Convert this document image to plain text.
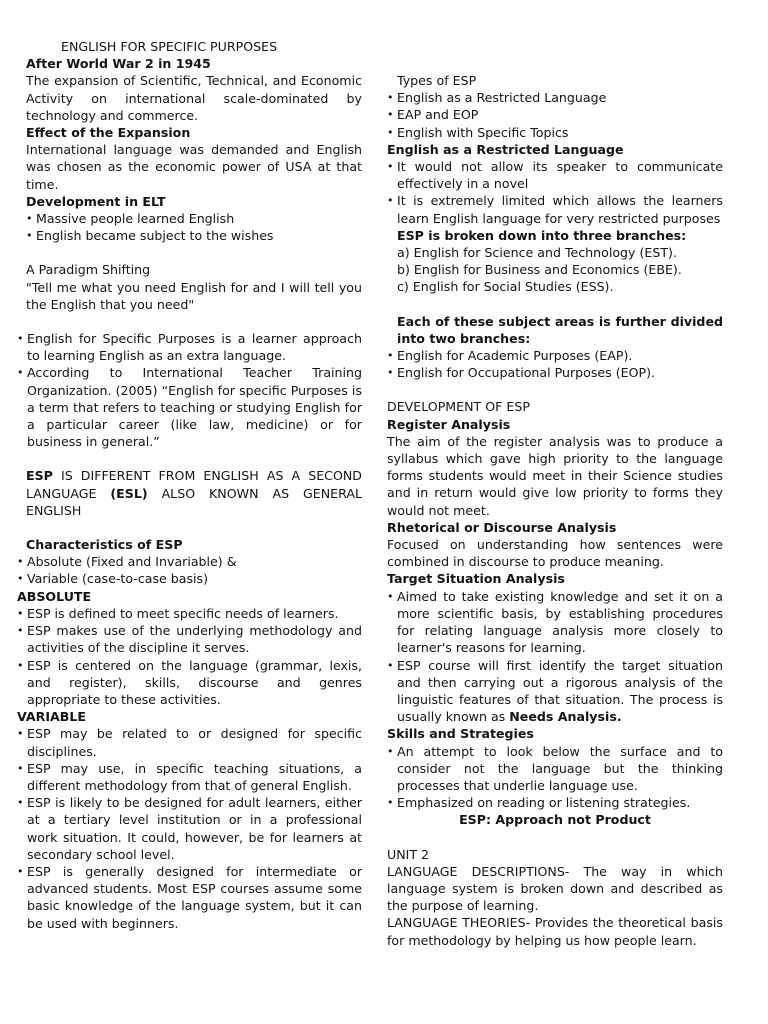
ENGLISH FOR SPECIFIC PURPOSES

After World War 2 in 1945

The expansion of Scientific, Technical, and Economic Activity on international scale-dominated by technology and commerce.

Effect of the Expansion

International language was demanded and English was chosen as the economic power of USA at that time.

Development in ELT

• Massive people learned English
• English became subject to the wishes

A Paradigm Shifting

"Tell me what you need English for and I will tell you the English that you need"

• English for Specific Purposes is a learner approach to learning English as an extra language.
• According to International Teacher Training Organization. (2005) “English for specific Purposes is a term that refers to teaching or studying English for a particular career (like law, medicine) or for business in general.”

ESP IS DIFFERENT FROM ENGLISH AS A SECOND LANGUAGE (ESL) ALSO KNOWN AS GENERAL ENGLISH

Characteristics of ESP

• Absolute (Fixed and Invariable) &
• Variable (case-to-case basis)

ABSOLUTE

• ESP is defined to meet specific needs of learners.
• ESP makes use of the underlying methodology and activities of the discipline it serves.
• ESP is centered on the language (grammar, lexis, and register), skills, discourse and genres appropriate to these activities.

VARIABLE

• ESP may be related to or designed for specific disciplines.
• ESP may use, in specific teaching situations, a different methodology from that of general English.
• ESP is likely to be designed for adult learners, either at a tertiary level institution or in a professional work situation. It could, however, be for learners at secondary school level.
• ESP is generally designed for intermediate or advanced students. Most ESP courses assume some basic knowledge of the language system, but it can be used with beginners.

Types of ESP

• English as a Restricted Language
• EAP and EOP
• English with Specific Topics

English as a Restricted Language

• It would not allow its speaker to communicate effectively in a novel
• It is extremely limited which allows the learners learn English language for very restricted purposes

ESP is broken down into three branches:

a) English for Science and Technology (EST).

b) English for Business and Economics (EBE).

c) English for Social Studies (ESS).

Each of these subject areas is further divided into two branches:

• English for Academic Purposes (EAP).
• English for Occupational Purposes (EOP).

DEVELOPMENT OF ESP

Register Analysis

The aim of the register analysis was to produce a syllabus which gave high priority to the language forms students would meet in their Science studies and in return would give low priority to forms they would not meet.

Rhetorical or Discourse Analysis

Focused on understanding how sentences were combined in discourse to produce meaning.

Target Situation Analysis

• Aimed to take existing knowledge and set it on a more scientific basis, by establishing procedures for relating language analysis more closely to learner's reasons for learning.
• ESP course will first identify the target situation and then carrying out a rigorous analysis of the linguistic features of that situation. The process is usually known as Needs Analysis.

Skills and Strategies

• An attempt to look below the surface and to consider not the language but the thinking processes that underlie language use.
• Emphasized on reading or listening strategies.

ESP: Approach not Product

UNIT 2

LANGUAGE DESCRIPTIONS- The way in which language system is broken down and described as the purpose of learning.

LANGUAGE THEORIES- Provides the theoretical basis for methodology by helping us how people learn.
